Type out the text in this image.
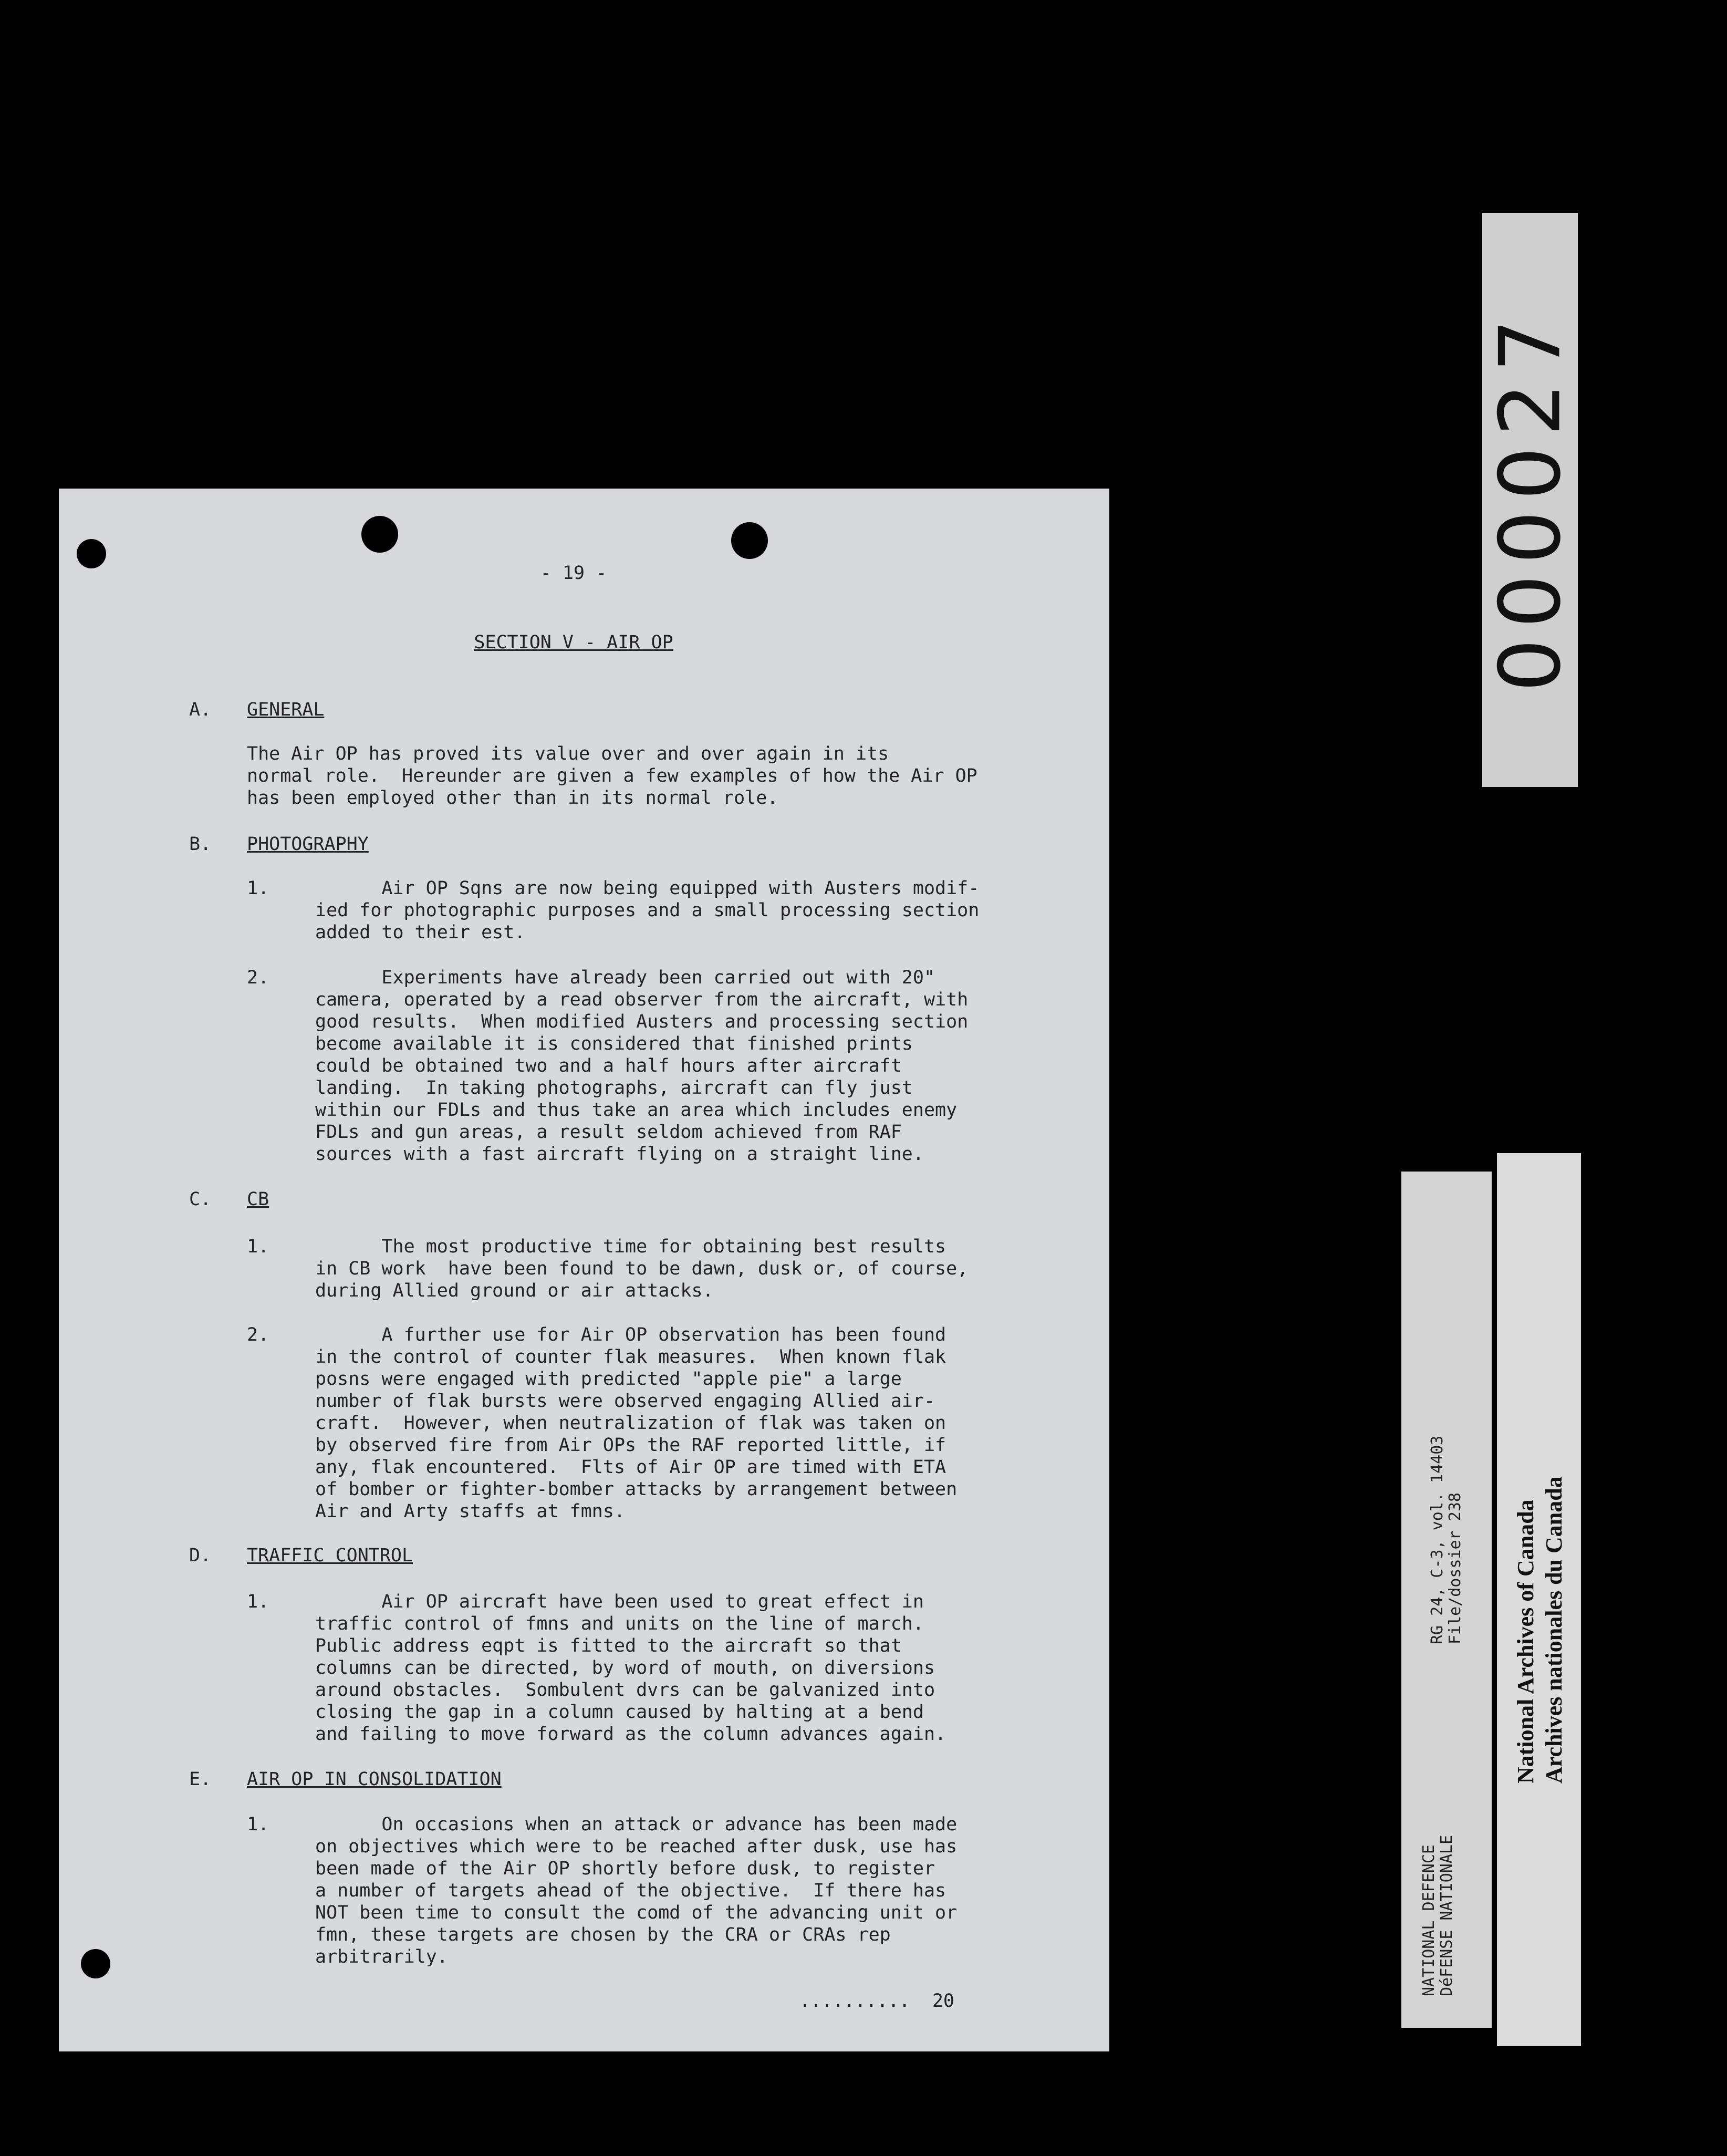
- 19 -
SECTION V - AIR OP
A. GENERAL
The Air OP has proved its value over and over again in its
normal role.  Hereunder are given a few examples of how the Air OP
has been employed other than in its normal role.
B. PHOTOGRAPHY
1.	Air OP Sqns are now being equipped with Austers modif-
ied for photographic purposes and a small processing section
added to their est.
2.	Experiments have already been carried out with 20"
camera, operated by a read observer from the aircraft, with
good results.  When modified Austers and processing section
become available it is considered that finished prints
could be obtained two and a half hours after aircraft
landing.  In taking photographs, aircraft can fly just
within our FDLs and thus take an area which includes enemy
FDLs and gun areas, a result seldom achieved from RAF
sources with a fast aircraft flying on a straight line.
C. CB
1.	The most productive time for obtaining best results
in CB work  have been found to be dawn, dusk or, of course,
during Allied ground or air attacks.
2.	A further use for Air OP observation has been found
in the control of counter flak measures.  When known flak
posns were engaged with predicted "apple pie" a large
number of flak bursts were observed engaging Allied air-
craft.  However, when neutralization of flak was taken on
by observed fire from Air OPs the RAF reported little, if
any, flak encountered.  Flts of Air OP are timed with ETA
of bomber or fighter-bomber attacks by arrangement between
Air and Arty staffs at fmns.
D. TRAFFIC CONTROL
1.	Air OP aircraft have been used to great effect in
traffic control of fmns and units on the line of march.
Public address eqpt is fitted to the aircraft so that
columns can be directed, by word of mouth, on diversions
around obstacles.  Sombulent dvrs can be galvanized into
closing the gap in a column caused by halting at a bend
and failing to move forward as the column advances again.
E. AIR OP IN CONSOLIDATION
1.	On occasions when an attack or advance has been made
on objectives which were to be reached after dusk, use has
been made of the Air OP shortly before dusk, to register
a number of targets ahead of the objective.  If there has
NOT been time to consult the comd of the advancing unit or
fmn, these targets are chosen by the CRA or CRAs rep
arbitrarily.
..........  20
000027
RG 24, C-3, vol. 14403 File/dossier 238
NATIONAL DEFENCE DéFENSE NATIONALE
National Archives of Canada Archives nationales du Canada
